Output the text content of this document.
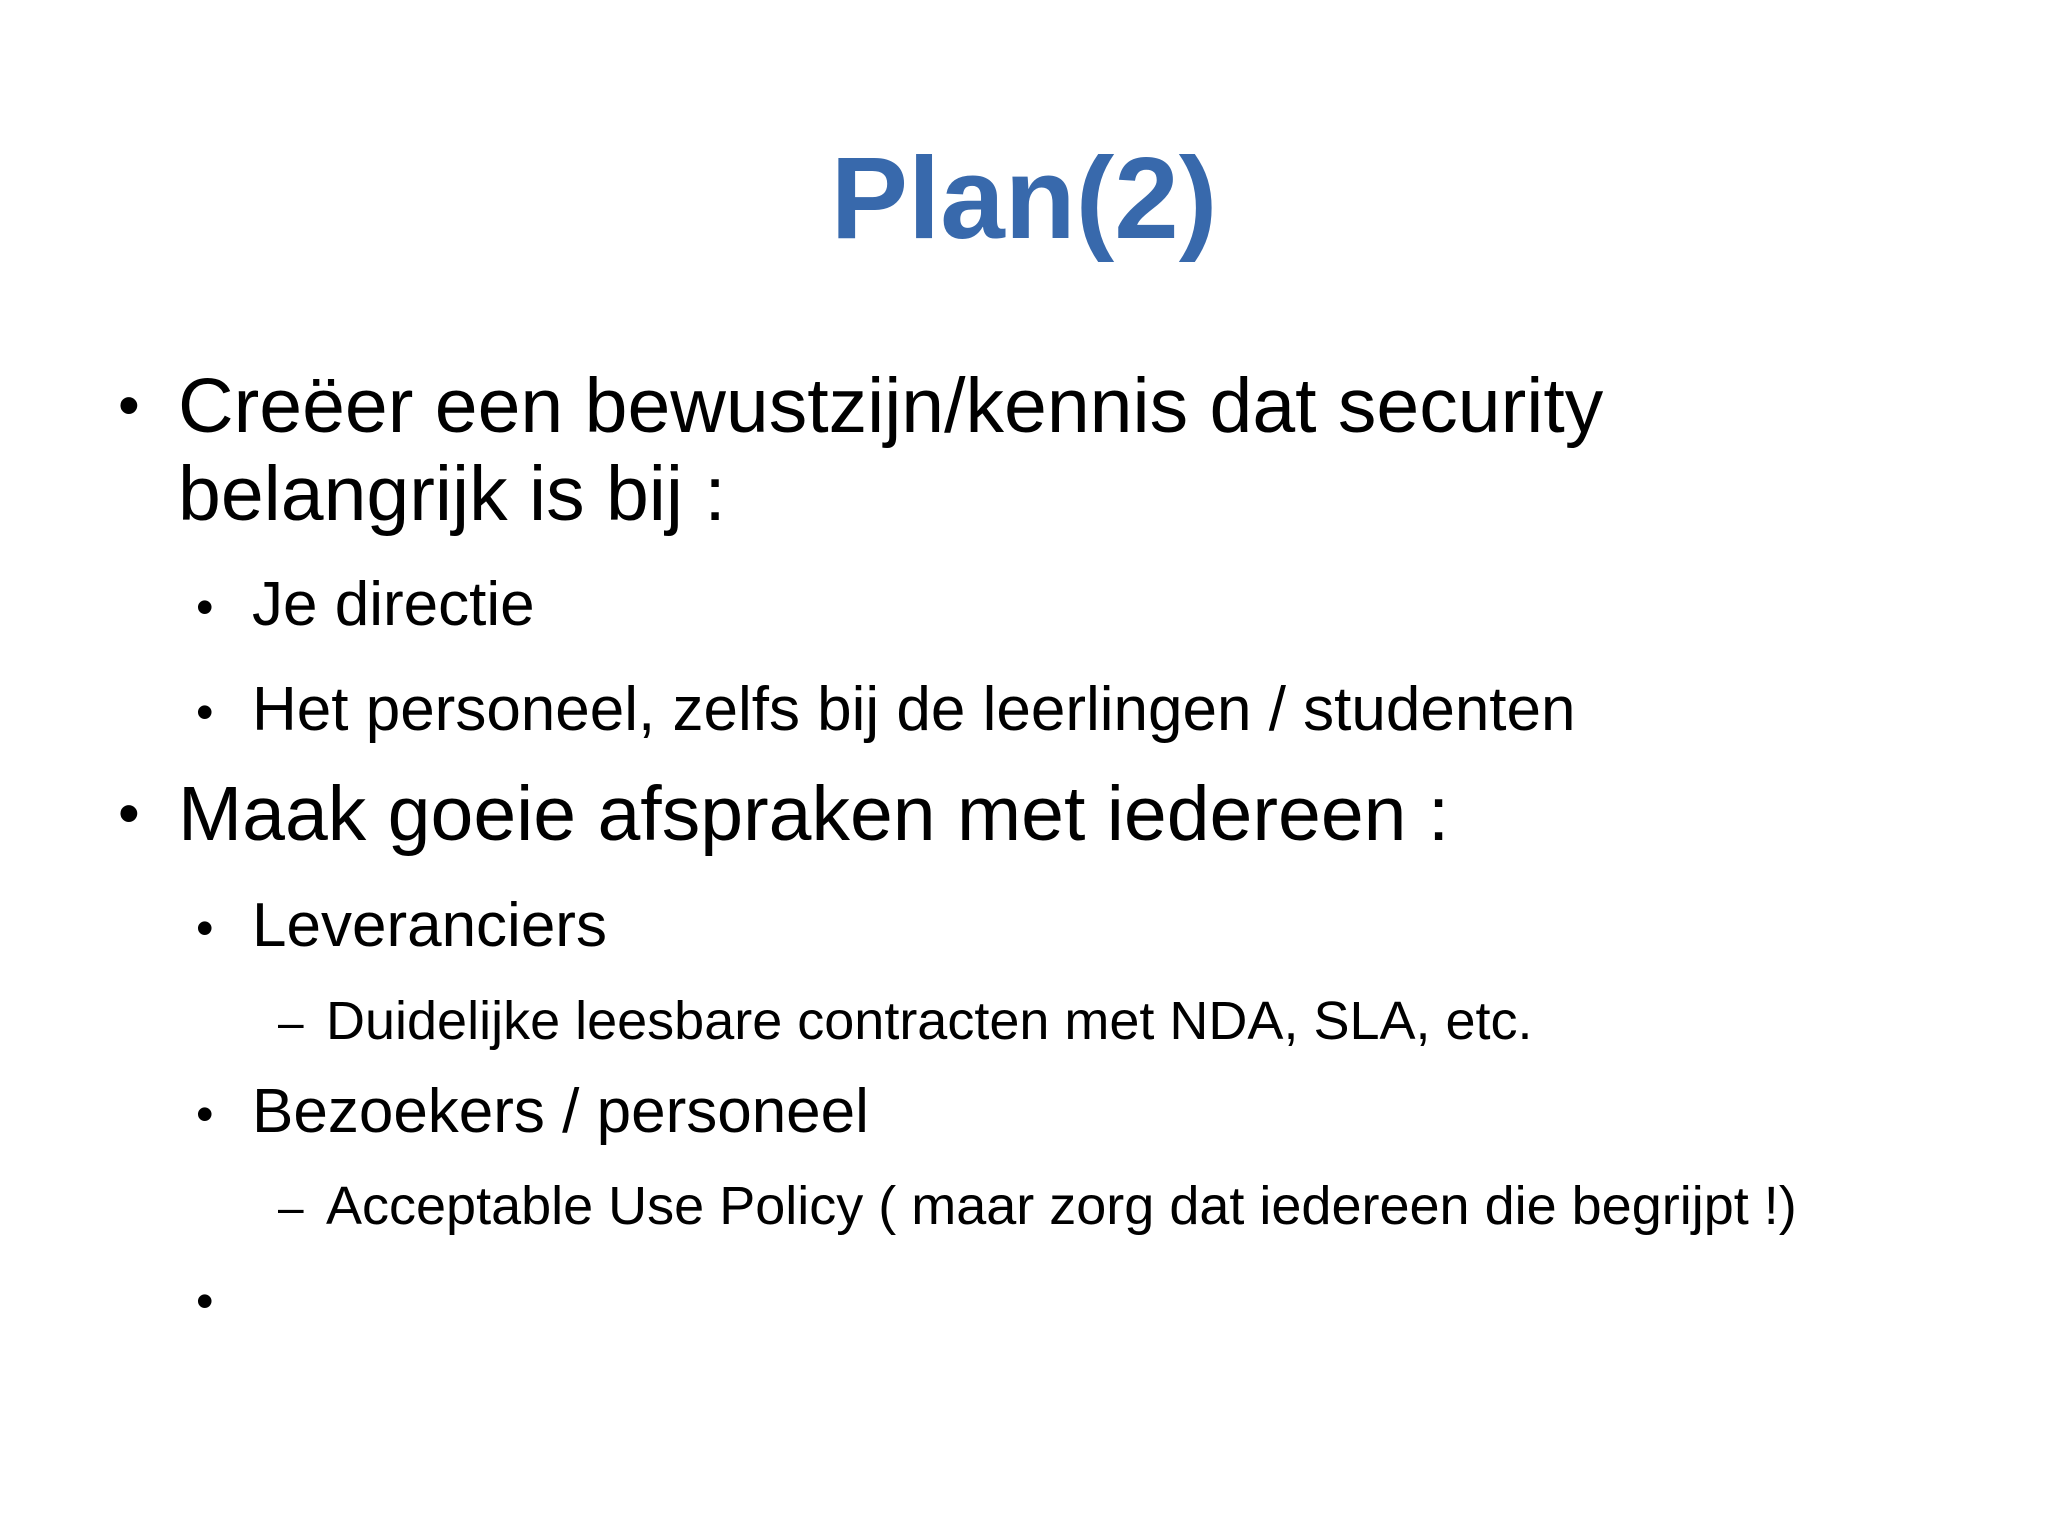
Plan(2)
• Creëer een bewustzijn/kennis dat security
belangrijk is bij :
• Je directie
• Het personeel, zelfs bij de leerlingen / studenten
• Maak goeie afspraken met iedereen :
• Leveranciers
– Duidelijke leesbare contracten met NDA, SLA, etc.
• Bezoekers / personeel
– Acceptable Use Policy ( maar zorg dat iedereen die begrijpt !)
•
